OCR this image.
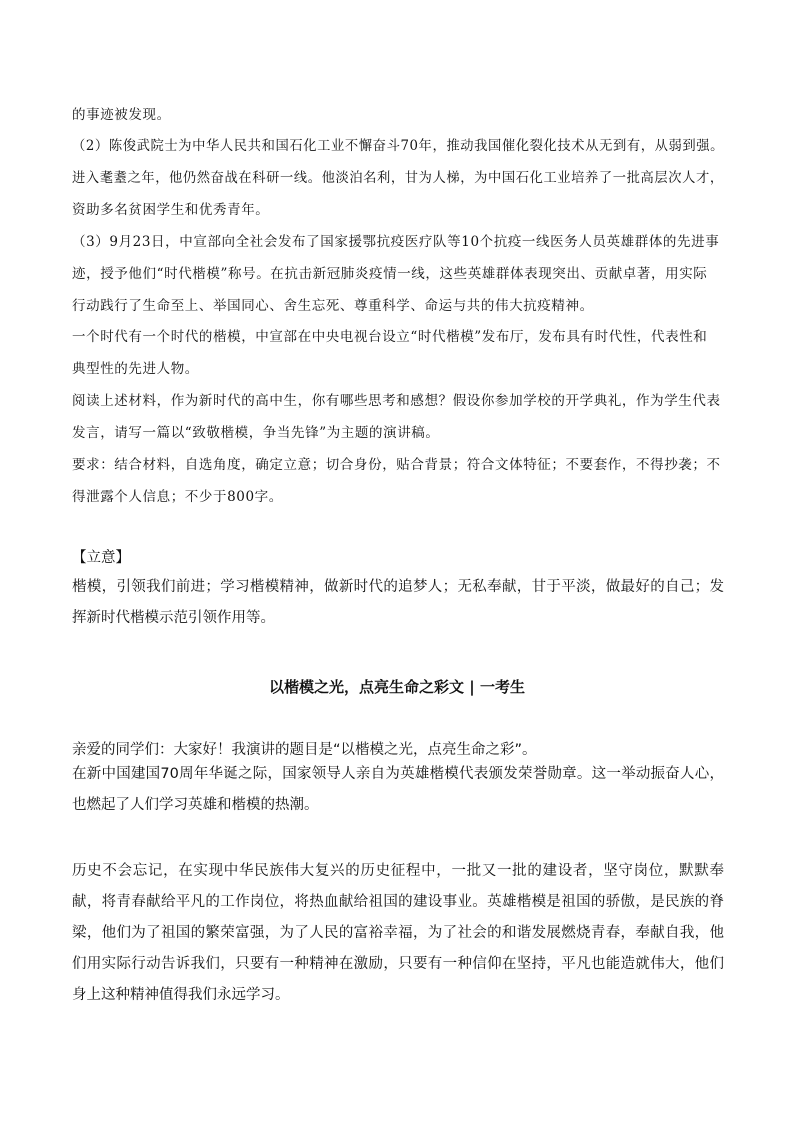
的事迹被发现。
（2）陈俊武院士为中华人民共和国石化工业不懈奋斗70年，推动我国催化裂化技术从无到有，从弱到强。
进入耄耋之年，他仍然奋战在科研一线。他淡泊名利，甘为人梯，为中国石化工业培养了一批高层次人才，
资助多名贫困学生和优秀青年。
（3）9月23日，中宣部向全社会发布了国家援鄂抗疫医疗队等10个抗疫一线医务人员英雄群体的先进事
迹，授予他们“时代楷模”称号。在抗击新冠肺炎疫情一线，这些英雄群体表现突出、贡献卓著，用实际
行动践行了生命至上、举国同心、舍生忘死、尊重科学、命运与共的伟大抗疫精神。
一个时代有一个时代的楷模，中宣部在中央电视台设立“时代楷模”发布厅，发布具有时代性，代表性和
典型性的先进人物。
阅读上述材料，作为新时代的高中生，你有哪些思考和感想？假设你参加学校的开学典礼，作为学生代表
发言，请写一篇以“致敬楷模，争当先锋”为主题的演讲稿。
要求：结合材料，自选角度，确定立意；切合身份，贴合背景；符合文体特征；不要套作，不得抄袭；不
得泄露个人信息；不少于800字。
【立意】
楷模，引领我们前进；学习楷模精神，做新时代的追梦人；无私奉献，甘于平淡，做最好的自己；发挥新时代楷模示范引领作用等。
以楷模之光，点亮生命之彩文 | 一考生
亲爱的同学们：大家好！我演讲的题目是“以楷模之光，点亮生命之彩”。
在新中国建国70周年华诞之际，国家领导人亲自为英雄楷模代表颁发荣誉勋章。这一举动振奋人心，也燃起了人们学习英雄和楷模的热潮。
历史不会忘记，在实现中华民族伟大复兴的历史征程中，一批又一批的建设者，坚守岗位，默默奉献，将青春献给平凡的工作岗位，将热血献给祖国的建设事业。英雄楷模是祖国的骄傲，是民族的脊梁，他们为了祖国的繁荣富强，为了人民的富裕幸福，为了社会的和谐发展燃烧青春，奉献自我，他们用实际行动告诉我们，只要有一种精神在激励，只要有一种信仰在坚持，平凡也能造就伟大，他们身上这种精神值得我们永远学习。
